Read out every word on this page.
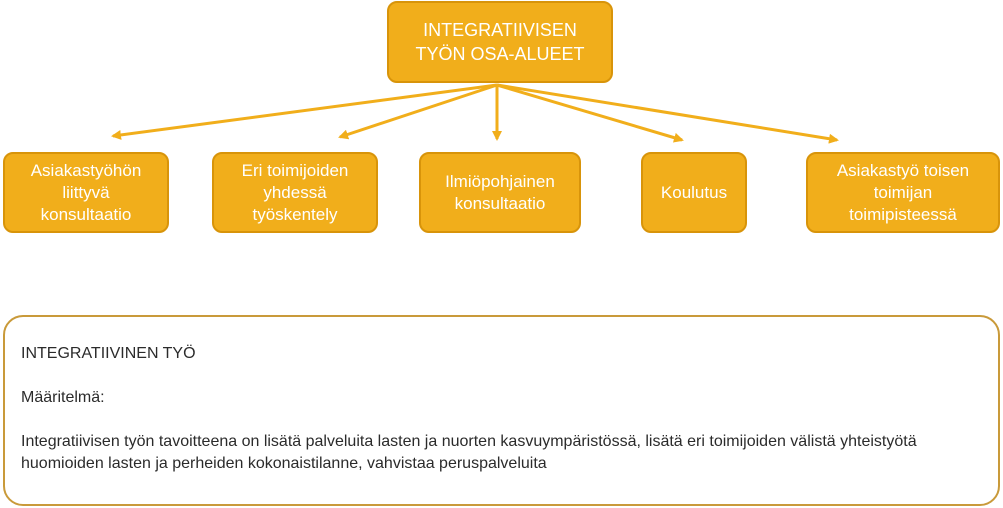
INTEGRATIIVISEN
TYÖN OSA-ALUEET
Asiakastyöhön
liittyvä
konsultaatio
Eri toimijoiden
yhdessä
työskentely
Ilmiöpohjainen
konsultaatio
Koulutus
Asiakastyö toisen
toimijan
toimipisteessä

INTEGRATIIVINEN TYÖ

Määritelmä:

Integratiivisen työn tavoitteena on lisätä palveluita lasten ja nuorten kasvuympäristössä, lisätä eri toimijoiden välistä yhteistyötä huomioiden lasten ja perheiden kokonaistilanne, vahvistaa peruspalveluita
